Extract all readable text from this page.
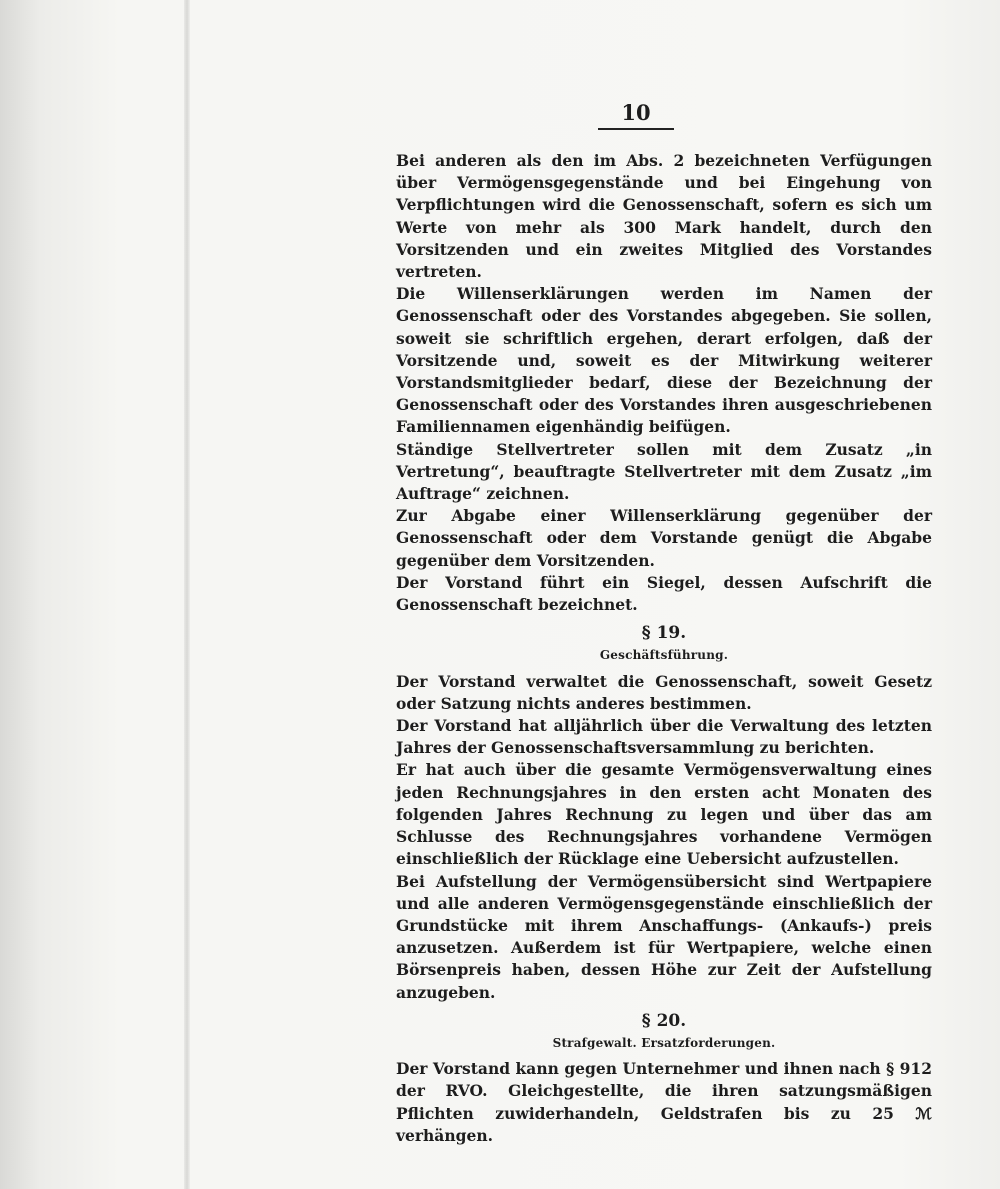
10

Bei anderen als den im Abs. 2 bezeichneten Verfügungen über Vermögensgegenstände und bei Eingehung von Verpflichtungen wird die Genossenschaft, sofern es sich um Werte von mehr als 300 Mark handelt, durch den Vorsitzenden und ein zweites Mitglied des Vorstandes vertreten.

Die Willenserklärungen werden im Namen der Genossenschaft oder des Vorstandes abgegeben. Sie sollen, soweit sie schriftlich ergehen, derart erfolgen, daß der Vorsitzende und, soweit es der Mitwirkung weiterer Vorstandsmitglieder bedarf, diese der Bezeichnung der Genossenschaft oder des Vorstandes ihren ausgeschriebenen Familiennamen eigenhändig beifügen.

Ständige Stellvertreter sollen mit dem Zusatz „in Vertretung“, beauftragte Stellvertreter mit dem Zusatz „im Auftrage“ zeichnen.

Zur Abgabe einer Willenserklärung gegenüber der Genossenschaft oder dem Vorstande genügt die Abgabe gegenüber dem Vorsitzenden.

Der Vorstand führt ein Siegel, dessen Aufschrift die Genossenschaft bezeichnet.

§ 19.
Geschäftsführung.

Der Vorstand verwaltet die Genossenschaft, soweit Gesetz oder Satzung nichts anderes bestimmen.

Der Vorstand hat alljährlich über die Verwaltung des letzten Jahres der Genossenschaftsversammlung zu berichten.

Er hat auch über die gesamte Vermögensverwaltung eines jeden Rechnungsjahres in den ersten acht Monaten des folgenden Jahres Rechnung zu legen und über das am Schlusse des Rechnungsjahres vorhandene Vermögen einschließlich der Rücklage eine Uebersicht aufzustellen.

Bei Aufstellung der Vermögensübersicht sind Wertpapiere und alle anderen Vermögensgegenstände einschließlich der Grundstücke mit ihrem Anschaffungs- (Ankaufs-) preis anzusetzen. Außerdem ist für Wertpapiere, welche einen Börsenpreis haben, dessen Höhe zur Zeit der Aufstellung anzugeben.

§ 20.
Strafgewalt. Ersatzforderungen.

Der Vorstand kann gegen Unternehmer und ihnen nach § 912 der RVO. Gleichgestellte, die ihren satzungsmäßigen Pflichten zuwiderhandeln, Geldstrafen bis zu 25 ℳ verhängen.
